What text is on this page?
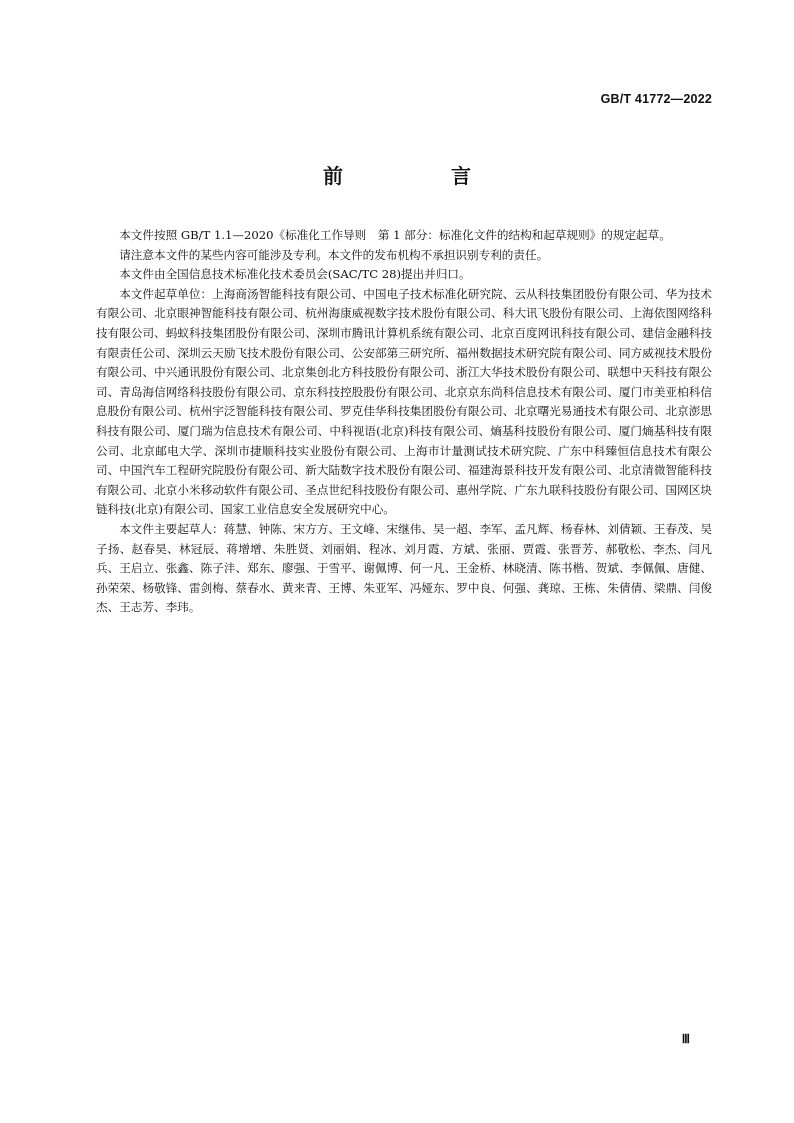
GB/T 41772—2022
前　言

本文件按照 GB/T 1.1—2020《标准化工作导则　第 1 部分：标准化文件的结构和起草规则》的规定起草。

请注意本文件的某些内容可能涉及专利。本文件的发布机构不承担识别专利的责任。

本文件由全国信息技术标准化技术委员会(SAC/TC 28)提出并归口。

本文件起草单位：上海商汤智能科技有限公司、中国电子技术标准化研究院、云从科技集团股份有限公司、华为技术有限公司、北京眼神智能科技有限公司、杭州海康威视数字技术股份有限公司、科大讯飞股份有限公司、上海依图网络科技有限公司、蚂蚁科技集团股份有限公司、深圳市腾讯计算机系统有限公司、北京百度网讯科技有限公司、建信金融科技有限责任公司、深圳云天励飞技术股份有限公司、公安部第三研究所、福州数据技术研究院有限公司、同方威视技术股份有限公司、中兴通讯股份有限公司、北京集创北方科技股份有限公司、浙江大华技术股份有限公司、联想中天科技有限公司、青岛海信网络科技股份有限公司、京东科技控股股份有限公司、北京京东尚科信息技术有限公司、厦门市美亚柏科信息股份有限公司、杭州宇泛智能科技有限公司、罗克佳华科技集团股份有限公司、北京曙光易通技术有限公司、北京澎思科技有限公司、厦门瑞为信息技术有限公司、中科视语(北京)科技有限公司、熵基科技股份有限公司、厦门熵基科技有限公司、北京邮电大学、深圳市捷顺科技实业股份有限公司、上海市计量测试技术研究院、广东中科臻恒信息技术有限公司、中国汽车工程研究院股份有限公司、新大陆数字技术股份有限公司、福建海景科技开发有限公司、北京清微智能科技有限公司、北京小米移动软件有限公司、圣点世纪科技股份有限公司、惠州学院、广东九联科技股份有限公司、国网区块链科技(北京)有限公司、国家工业信息安全发展研究中心。

本文件主要起草人：蒋慧、钟陈、宋方方、王文峰、宋继伟、吴一超、李军、孟凡辉、杨春林、刘倩颖、王春茂、吴子扬、赵春昊、林冠辰、蒋增增、朱胜贤、刘丽娟、程冰、刘月霞、方斌、张丽、贾霞、张晋芳、郝敬松、李杰、闫凡兵、王启立、张鑫、陈子沣、郑东、廖强、于雪平、谢佩博、何一凡、王金桥、林晓清、陈书楷、贺斌、李佩佩、唐健、孙荣荣、杨敬锋、雷剑梅、蔡春水、黄来青、王博、朱亚军、冯娅东、罗中良、何强、龚琼、王栋、朱倩倩、梁鼎、闫俊杰、王志芳、李玮。

Ⅲ
